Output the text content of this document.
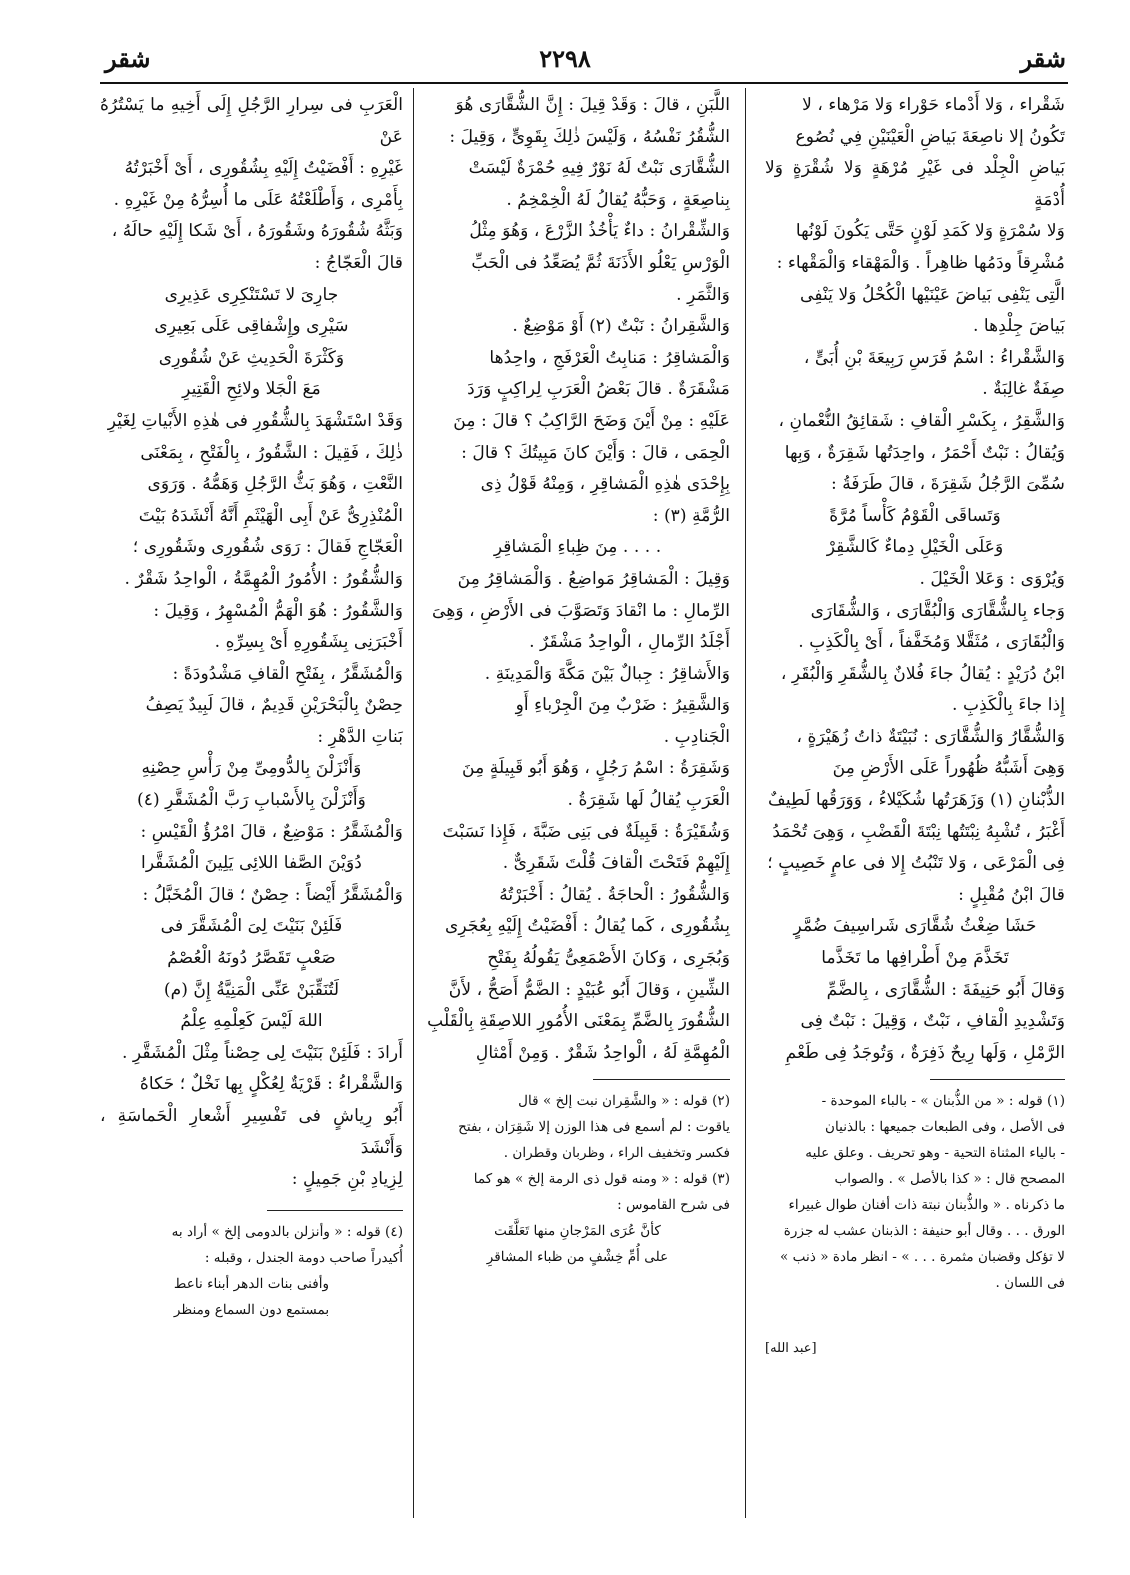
شقر	٢٢٩٨	شقر

شَقْراء ، وَلا أَدْماء حَوْراء وَلا مَرْهاء ، لا

تَكُونُ إلا ناصِعَةَ بَياضِ الْعَيْنَيْنِ فِي نُصُوع

بَياضِ الْجِلْد فى غَيْرِ مُرْهَةٍ وَلا شُقْرَةٍ وَلا أُدْمَةٍ

وَلا سُمْرَةٍ وَلا كَمَدِ لَوْنٍ حَتَّى يَكُونَ لَوْنُها

مُشْرِقاً ودَمُها ظاهِراً . وَالْمَهْقاء وَالْمَقْهاء :

الَّتِى يَنْفِى بَياضَ عَيْنَيْها الْكُحْلُ وَلا يَنْفِى

بَياضَ جِلْدِها .

وَالشَّقْراءُ : اسْمُ فَرَسِ رَبِيعَةَ بْنِ أُبَىٍّ ،

صِفَةٌ غالِبَةٌ .

وَالشَّقِرُ ، بِكَسْرِ الْقافِ : شَقائِقُ النُّعْمانِ ،

وَيُقالُ : نَبْتٌ أَحْمَرُ ، واحِدَتُها شَقِرَةٌ ، وَبِها

سُمِّىَ الرَّجُلُ شَقِرَةَ ، قالَ طَرَفَةُ :

وَتَساقَى الْقَوْمُ كَأْساً مُرَّةً

وَعَلَى الْخَيْلِ دِماءٌ كَالشَّقِرْ

وَيُرْوَى : وَعَلا الْخَيْلَ .

وَجاء بِالشُّقَّارَى وَالْبُقَّارَى ، وَالشُّقَارَى

وَالْبُقَارَى ، مُثَقَّلا وَمُخَفَّفاً ، أَىْ بِالْكَذِبِ .

ابْنُ دُرَيْدٍ : يُقالُ جاءَ فُلانٌ بِالشُّقَرِ وَالْبُقَرِ ،

إِذا جاءَ بِالْكَذِبِ .

وَالشُّقَّارُ وَالشُّقَّارَى : نُبَيْتَةٌ ذاتُ زُهَيْرَةٍ ،

وَهِىَ أَشَبُّهُ ظُهُوراً عَلَى الأَرْضِ مِنَ

الذُّبْنانِ (١) وَزَهَرَتُها شُكَيْلاءُ ، وَوَرَقُها لَطِيفٌ

أَغْبَرُ ، تُشْبِهُ نِبْتَتُها نِبْتَةَ الْقَضْبِ ، وَهِىَ تُحْمَدُ

فِى الْمَرْعَى ، وَلا تَنْبُتُ إِلا فى عامٍ خَصِيبٍ ؛

قالَ ابْنُ مُقْبِلٍ :

حَشَا ضِغْثُ شُقَّارَى شَراسِيفَ ضُمَّرٍ

تَخَذَّمَ مِنْ أَطْرافِها ما تَخَذَّما

وَقالَ أَبُو حَنِيفَةَ : الشُّقَّارَى ، بِالضَّمِّ

وَتَشْدِيدِ الْقافِ ، نَبْتٌ ، وَقِيلَ : نَبْتٌ فِى

الرَّمْلِ ، وَلَها رِيحٌ ذَفِرَةٌ ، وَتُوجَدُ فِى طَعْمِ

(١) قوله : « من الذُّبنان » - بالباء الموحدة -

فى الأصل ، وفى الطبعات جميعها : بالذنيان

- بالياء المثناة التحية - وهو تحريف . وعلق عليه

المصحح قال : « كذا بالأصل » . والصواب

ما ذكرناه . « والذُّبنان نبتة ذات أفنان طوال غبيراء

الورق . . . وقال أبو حنيفة : الذبنان عشب له جزرة

لا تؤكل وقضبان مثمرة . . . » - انظر مادة « ذنب »

فى اللسان .

[عبد الله]

اللَّبَنِ ، قالَ : وَقَدْ قِيلَ : إِنَّ الشُّقَّارَى هُوَ

الشُّقُرُ نَفْسُهُ ، وَلَيْسَ ذٰلِكَ بِقَوِىٍّ ، وَقِيلَ :

الشُّقَّارَى نَبْتٌ لَهُ نَوْرٌ فِيهِ حُمْرَةٌ لَيْسَتْ

بِناصِعَةٍ ، وَحَبُّهُ يُقالُ لَهُ الْخِمْخِمُ .

وَالشِّقْرانُ : داءٌ يَأْخُذُ الزَّرْعَ ، وَهُوَ مِثْلُ

الْوَرْسِ يَعْلُو الأَذَنَةَ ثُمَّ يُصَعِّدُ فى الْحَبِّ

وَالثَّمَرِ .

وَالشَّقِرانُ : نَبْتٌ (٢) أَوْ مَوْضِعٌ .

وَالْمَشاقِرُ : مَنابِتُ الْعَرْفَجِ ، واحِدُها

مَشْقَرَةٌ . قالَ بَعْضُ الْعَرَبِ لِراكِبٍ وَرَدَ

عَلَيْهِ : مِنْ أَيْنَ وَضَحَ الرَّاكِبُ ؟ قالَ : مِنَ

الْحِمَى ، قالَ : وَأَيْنَ كانَ مَبِيتُكَ ؟ قالَ :

بِإِحْدَى هٰذِهِ الْمَشاقِرِ ، وَمِنْهُ قَوْلُ ذِى

الرُّمَّةِ (٣) :

. . . . مِنَ ظِباءِ الْمَشاقِرِ

وَقِيلَ : الْمَشاقِرُ مَواضِعُ . وَالْمَشاقِرُ مِنَ

الرِّمالِ : ما انْقادَ وَتَصَوَّبَ فى الأَرْضِ ، وَهِىَ

أَجْلَدُ الرِّمالِ ، الْواحِدُ مَشْقَرٌ .

وَالأَشاقِرُ : جِبالٌ بَيْنَ مَكَّةَ وَالْمَدِينَةِ .

وَالشَّقِيرُ : ضَرْبٌ مِنَ الْجِرْباءِ أَوِ

الْجَنادِبِ .

وَشَقِرَةُ : اسْمُ رَجُلٍ ، وَهُوَ أَبُو قَبِيلَةٍ مِنَ

الْعَرَبِ يُقالُ لَها شَقِرَةُ .

وَشُقَيْرَةُ : قَبِيلَةٌ فى بَنِى ضَبَّةَ ، فَإِذا نَسَبْتَ

إِلَيْهِمْ فَتَحْتَ الْقافَ قُلْتَ شَقَرِىٌّ .

وَالشُّقُورُ : الْحاجَةُ . يُقالُ : أَخْبَرْتُهُ

بِشُقُورِى ، كَما يُقالُ : أَفْضَيْتُ إِلَيْهِ بِعُجَرِى

وَبُجَرِى ، وَكانَ الأَصْمَعِىُّ يَقُولُهُ بِفَتْحِ

الشِّينِ ، وَقالَ أَبُو عُبَيْدٍ : الضَّمُّ أَصَحُّ ، لأَنَّ

الشُّقُورَ بِالضَّمِّ بِمَعْنَى الأُمُورِ اللاصِقَةِ بِالْقَلْبِ

الْمُهِمَّةِ لَهُ ، الْواحِدُ شَقْرٌ . وَمِنْ أَمْثالِ

(٢) قوله : « والشَّقِران نبت إلخ » قال

ياقوت : لم أسمع فى هذا الوزن إلا شَقِرَان ، بفتح

فكسر وتخفيف الراء ، وظربان وقطران .

(٣) قوله : « ومنه قول ذى الرمة إلخ » هو كما

فى شرح القاموس :

كأنَّ عُرَى المَرْجانِ منها تَعَلَّقَت

على أُمِّ خِشْفٍ من ظباء المشاقرِ

الْعَرَبِ فى سِرارِ الرَّجُلِ إِلَى أَخِيهِ ما يَسْتُرُهُ عَنْ

غَيْرِهِ : أَفْضَيْتُ إِلَيْهِ بِشُقُورِى ، أَىْ أَخْبَرْتُهُ

بِأَمْرِى ، وَأَطْلَعْتُهُ عَلَى ما أُسِرُّهُ مِنْ غَيْرِهِ .

وَبَثَّهُ شُقُورَهُ وشَقُورَهُ ، أَىْ شَكا إِلَيْهِ حالَهُ ،

قالَ الْعَجّاجُ :

جارِىَ لا تَسْتَنْكِرِى عَذِيرِى

سَيْرِى وإِشْفاقِى عَلَى بَعِيرِى

وَكَثْرَةَ الْحَدِيثِ عَنْ شُقُورِى

مَعَ الْجَلا ولائِحِ الْقَتِيرِ

وَقَدْ اسْتَشْهَدَ بِالشُّقُورِ فى هٰذِهِ الأَبْياتِ لِغَيْرِ

ذٰلِكَ ، فَقِيلَ : الشَّقُورُ ، بِالْفَتْحِ ، بِمَعْنَى

النَّعْتِ ، وَهُوَ بَثُّ الرَّجُلِ وَهَمُّهُ . وَرَوَى

الْمُنْذِرِىُّ عَنْ أَبِى الْهَيْثَمِ أَنَّهُ أَنْشَدَهُ بَيْتَ

الْعَجّاجِ فَقالَ : رَوَى شُقُورِى وشَقُورِى ؛

وَالشُّقُورُ : الأُمُورُ الْمُهِمَّةُ ، الْواحِدُ شَقْرٌ .

وَالشَّقُورُ : هُوَ الْهَمُّ الْمُسْهِرُ ، وَقِيلَ :

أَخْبَرَنِى بِشَقُورِهِ أَىْ بِسِرِّهِ .

وَالْمُشَقَّرُ ، بِفَتْحِ الْقافِ مَشْدُودَةً :

حِصْنٌ بِالْبَحْرَيْنِ قَدِيمٌ ، قالَ لَبِيدٌ يَصِفُ

بَناتِ الدَّهْرِ :

وَأَنْزَلْنَ بِالدُّومِىِّ مِنْ رَأْسِ حِصْنِهِ

وَأَنْزَلْنَ بِالأَسْبابِ رَبَّ الْمُشَقَّرِ (٤)

وَالْمُشَقَّرُ : مَوْضِعٌ ، قالَ امْرُؤُ الْقَيْسِ :

دُوَيْنَ الصَّفا اللائِى يَلِينَ الْمُشَقَّرا

وَالْمُشَقَّرُ أَيْضاً : حِصْنٌ ؛ قالَ الْمُخَبَّلُ :

فَلَئِنْ بَنَيْتَ لِىَ الْمُشَقَّرَ فى

صَعْبٍ تَقَصَّرُ دُونَهُ الْعُصْمُ

لَتُنَقِّبَنْ عَنِّى الْمَنِيَّةُ إِنَّ (م)

اللهَ لَيْسَ كَعِلْمِهِ عِلْمُ

أَرادَ : فَلَئِنْ بَنَيْتَ لِى حِصْناً مِثْلَ الْمُشَقَّرِ .

وَالشَّقْراءُ : قَرْيَةٌ لِعُكْلٍ بِها نَخْلٌ ؛ حَكاهُ

أَبُو رِياشٍ فى تَفْسِيرِ أَشْعارِ الْحَماسَةِ ، وَأَنْشَدَ

لِزِيادِ بْنِ جَمِيلٍ :

(٤) قوله : « وأنزلن بالدومى إلخ » أراد به

أُكيدراً صاحب دومة الجندل ، وقبله :

وأفنى بنات الدهر أبناء ناعط

بمستمع دون السماع ومنظر
